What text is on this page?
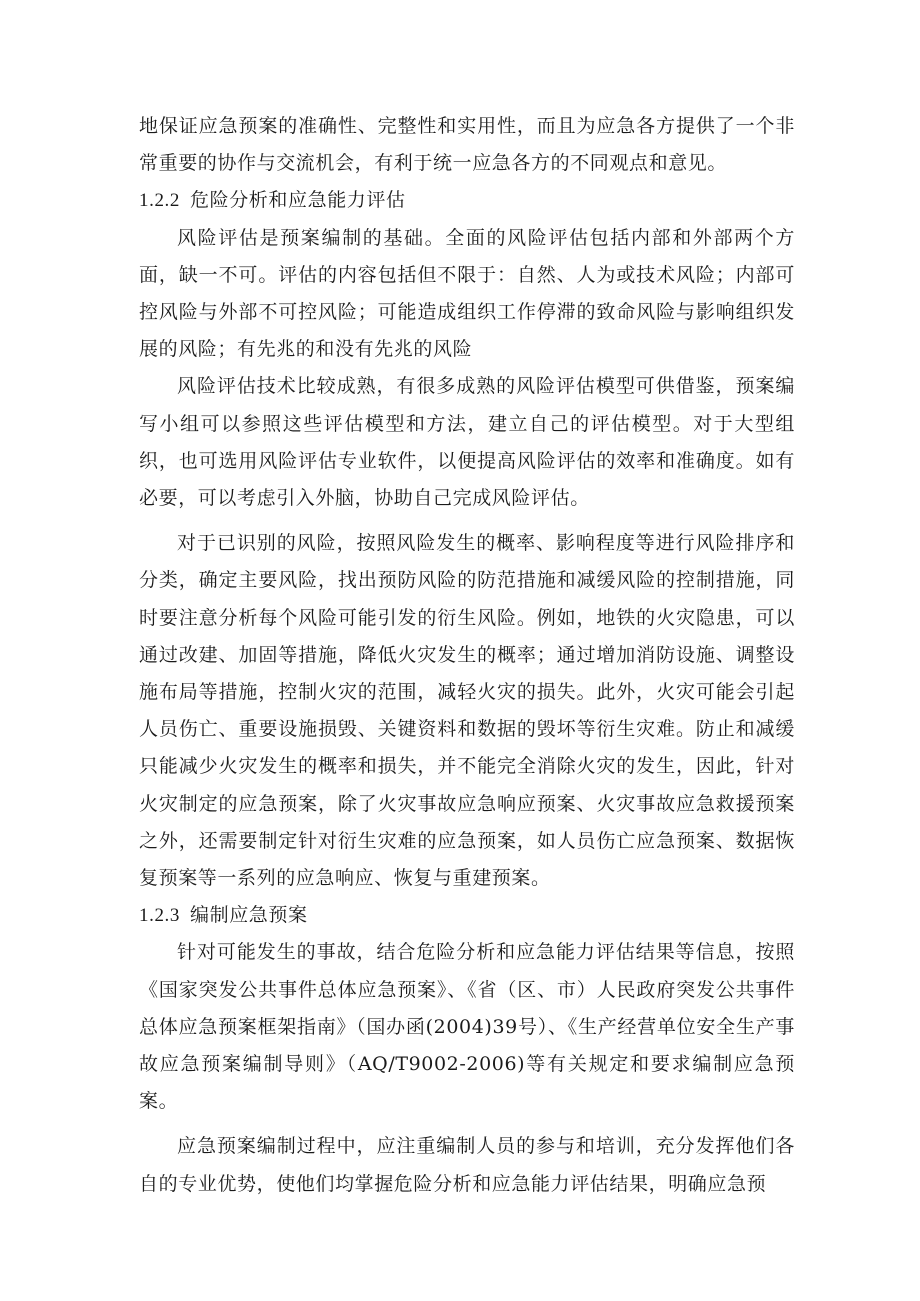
地保证应急预案的准确性、完整性和实用性，而且为应急各方提供了一个非常重要的协作与交流机会，有利于统一应急各方的不同观点和意见。

1.2.2 危险分析和应急能力评估

风险评估是预案编制的基础。全面的风险评估包括内部和外部两个方面，缺一不可。评估的内容包括但不限于：自然、人为或技术风险；内部可控风险与外部不可控风险；可能造成组织工作停滞的致命风险与影响组织发展的风险；有先兆的和没有先兆的风险

风险评估技术比较成熟，有很多成熟的风险评估模型可供借鉴，预案编写小组可以参照这些评估模型和方法，建立自己的评估模型。对于大型组织，也可选用风险评估专业软件，以便提高风险评估的效率和准确度。如有必要，可以考虑引入外脑，协助自己完成风险评估。

对于已识别的风险，按照风险发生的概率、影响程度等进行风险排序和分类，确定主要风险，找出预防风险的防范措施和减缓风险的控制措施，同时要注意分析每个风险可能引发的衍生风险。例如，地铁的火灾隐患，可以通过改建、加固等措施，降低火灾发生的概率；通过增加消防设施、调整设施布局等措施，控制火灾的范围，减轻火灾的损失。此外，火灾可能会引起人员伤亡、重要设施损毁、关键资料和数据的毁坏等衍生灾难。防止和减缓只能减少火灾发生的概率和损失，并不能完全消除火灾的发生，因此，针对火灾制定的应急预案，除了火灾事故应急响应预案、火灾事故应急救援预案之外，还需要制定针对衍生灾难的应急预案，如人员伤亡应急预案、数据恢复预案等一系列的应急响应、恢复与重建预案。

1.2.3 编制应急预案

针对可能发生的事故，结合危险分析和应急能力评估结果等信息，按照《国家突发公共事件总体应急预案》、《省（区、市）人民政府突发公共事件总体应急预案框架指南》（国办函(2004)39号）、《生产经营单位安全生产事故应急预案编制导则》（AQ/T9002-2006)等有关规定和要求编制应急预案。

应急预案编制过程中，应注重编制人员的参与和培训，充分发挥他们各自的专业优势，使他们均掌握危险分析和应急能力评估结果，明确应急预
